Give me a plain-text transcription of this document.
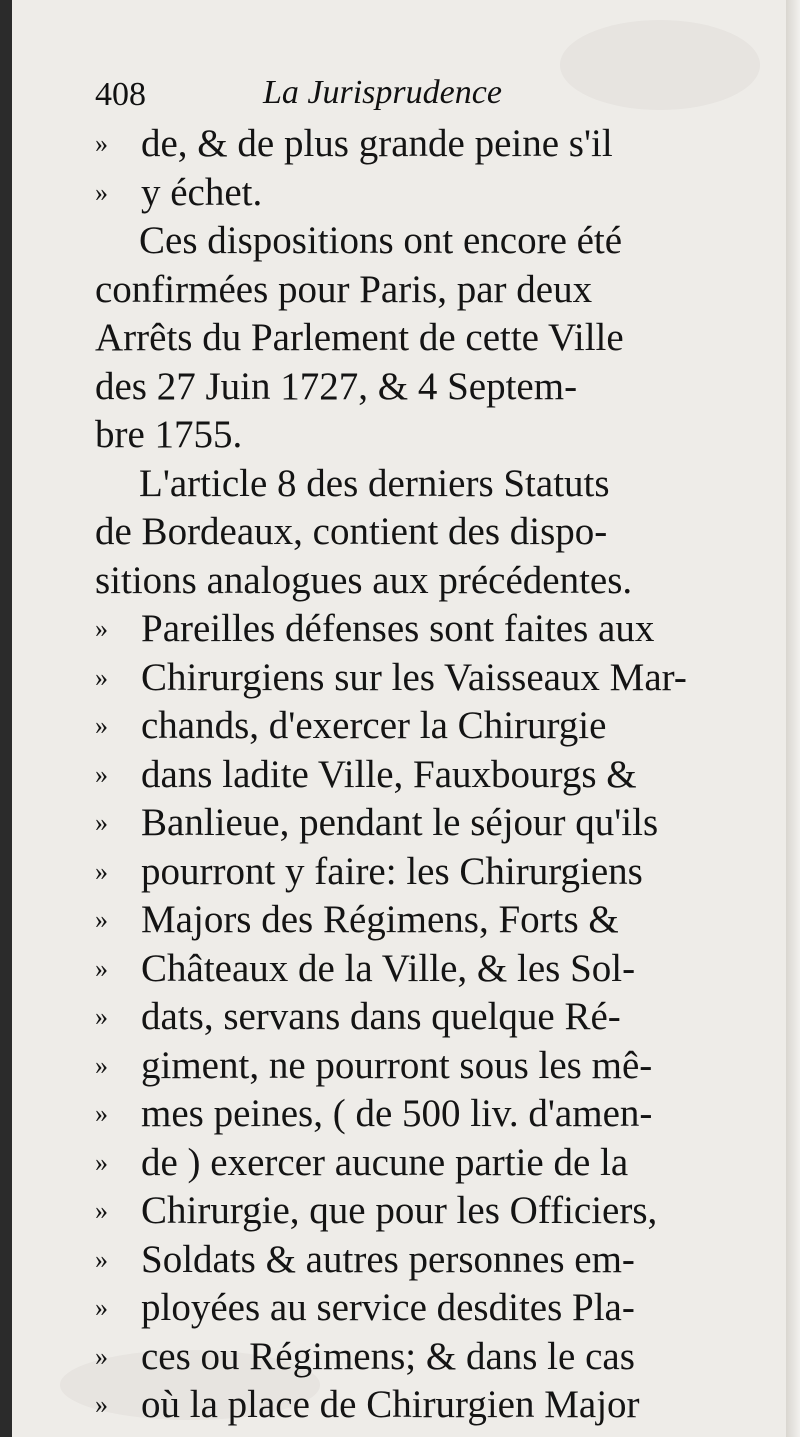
408	La Jurisprudence
» de, & de plus grande peine s'il
» y échet.
Ces dispositions ont encore été
confirmées pour Paris, par deux
Arrêts du Parlement de cette Ville
des 27 Juin 1727, & 4 Septem-
bre 1755.
L'article 8 des derniers Statuts
de Bordeaux, contient des dispo-
sitions analogues aux précédentes.
» Pareilles défenses sont faites aux
» Chirurgiens sur les Vaisseaux Mar-
» chands, d'exercer la Chirurgie
» dans ladite Ville, Fauxbourgs &
» Banlieue, pendant le séjour qu'ils
» pourront y faire: les Chirurgiens
» Majors des Régimens, Forts &
» Châteaux de la Ville, & les Sol-
» dats, servans dans quelque Ré-
» giment, ne pourront sous les mê-
» mes peines, ( de 500 liv. d'amen-
» de ) exercer aucune partie de la
» Chirurgie, que pour les Officiers,
» Soldats & autres personnes em-
» ployées au service desdites Pla-
» ces ou Régimens; & dans le cas
» où la place de Chirurgien Major
